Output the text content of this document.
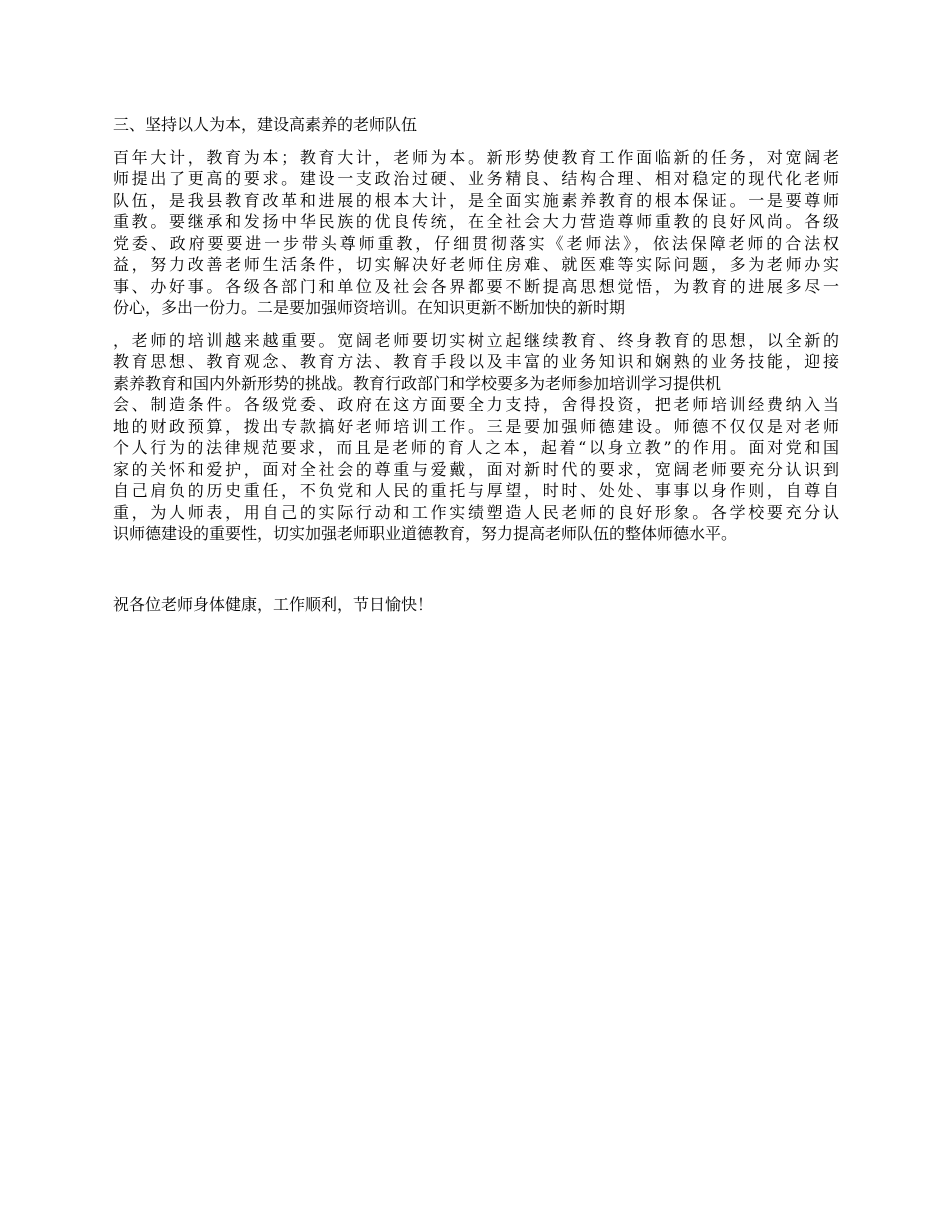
三、坚持以人为本，建设高素养的老师队伍
百年大计，教育为本；教育大计，老师为本。新形势使教育工作面临新的任务，对宽阔老
师提出了更高的要求。建设一支政治过硬、业务精良、结构合理、相对稳定的现代化老师
队伍，是我县教育改革和进展的根本大计，是全面实施素养教育的根本保证。一是要尊师
重教。要继承和发扬中华民族的优良传统，在全社会大力营造尊师重教的良好风尚。各级
党委、政府要要进一步带头尊师重教，仔细贯彻落实《老师法》，依法保障老师的合法权
益，努力改善老师生活条件，切实解决好老师住房难、就医难等实际问题，多为老师办实
事、办好事。各级各部门和单位及社会各界都要不断提高思想觉悟，为教育的进展多尽一
份心，多出一份力。二是要加强师资培训。在知识更新不断加快的新时期
，老师的培训越来越重要。宽阔老师要切实树立起继续教育、终身教育的思想，以全新的
教育思想、教育观念、教育方法、教育手段以及丰富的业务知识和娴熟的业务技能，迎接
素养教育和国内外新形势的挑战。教育行政部门和学校要多为老师参加培训学习提供机
会、制造条件。各级党委、政府在这方面要全力支持，舍得投资，把老师培训经费纳入当
地的财政预算，拨出专款搞好老师培训工作。三是要加强师德建设。师德不仅仅是对老师
个人行为的法律规范要求，而且是老师的育人之本，起着“以身立教”的作用。面对党和国
家的关怀和爱护，面对全社会的尊重与爱戴，面对新时代的要求，宽阔老师要充分认识到
自己肩负的历史重任，不负党和人民的重托与厚望，时时、处处、事事以身作则，自尊自
重，为人师表，用自己的实际行动和工作实绩塑造人民老师的良好形象。各学校要充分认
识师德建设的重要性，切实加强老师职业道德教育，努力提高老师队伍的整体师德水平。
祝各位老师身体健康，工作顺利，节日愉快！
